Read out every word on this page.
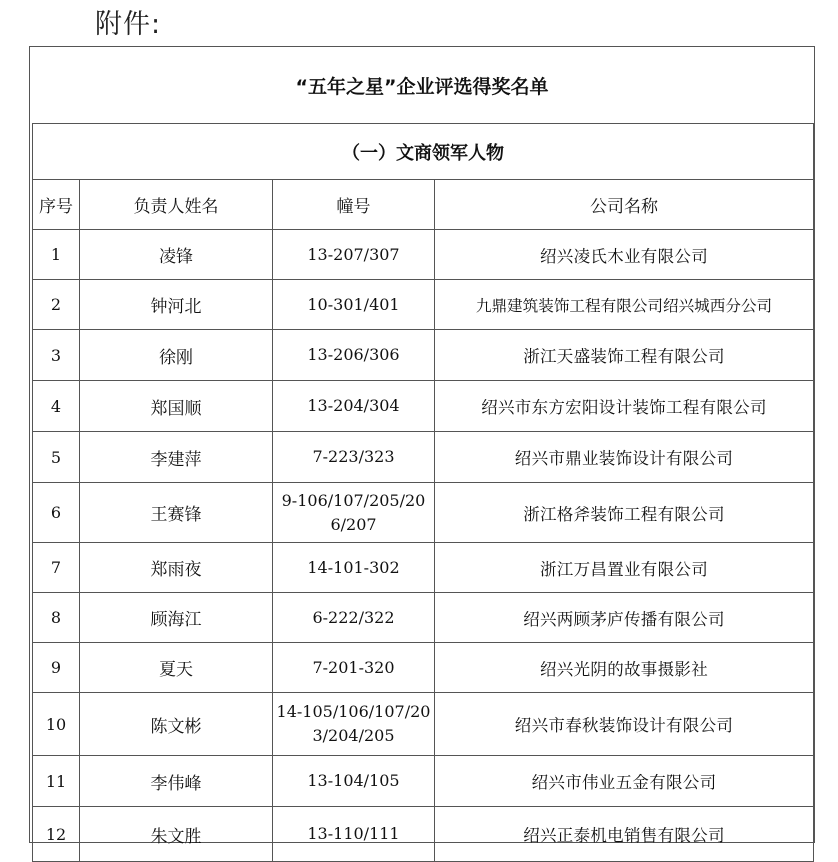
附件:
“五年之星”企业评选得奖名单
（一）文商领军人物			
序号	负责人姓名	幢号	公司名称
1	凌锋	13-207/307	绍兴凌氏木业有限公司
2	钟河北	10-301/401	九鼎建筑装饰工程有限公司绍兴城西分公司
3	徐刚	13-206/306	浙江天盛装饰工程有限公司
4	郑国顺	13-204/304	绍兴市东方宏阳设计装饰工程有限公司
5	李建萍	7-223/323	绍兴市鼎业装饰设计有限公司
6	王赛锋	9-106/107/205/206/207	浙江格斧装饰工程有限公司
7	郑雨夜	14-101-302	浙江万昌置业有限公司
8	顾海江	6-222/322	绍兴两顾茅庐传播有限公司
9	夏天	7-201-320	绍兴光阴的故事摄影社
10	陈文彬	14-105/106/107/203/204/205	绍兴市春秋装饰设计有限公司
11	李伟峰	13-104/105	绍兴市伟业五金有限公司
12	朱文胜	13-110/111	绍兴正泰机电销售有限公司
